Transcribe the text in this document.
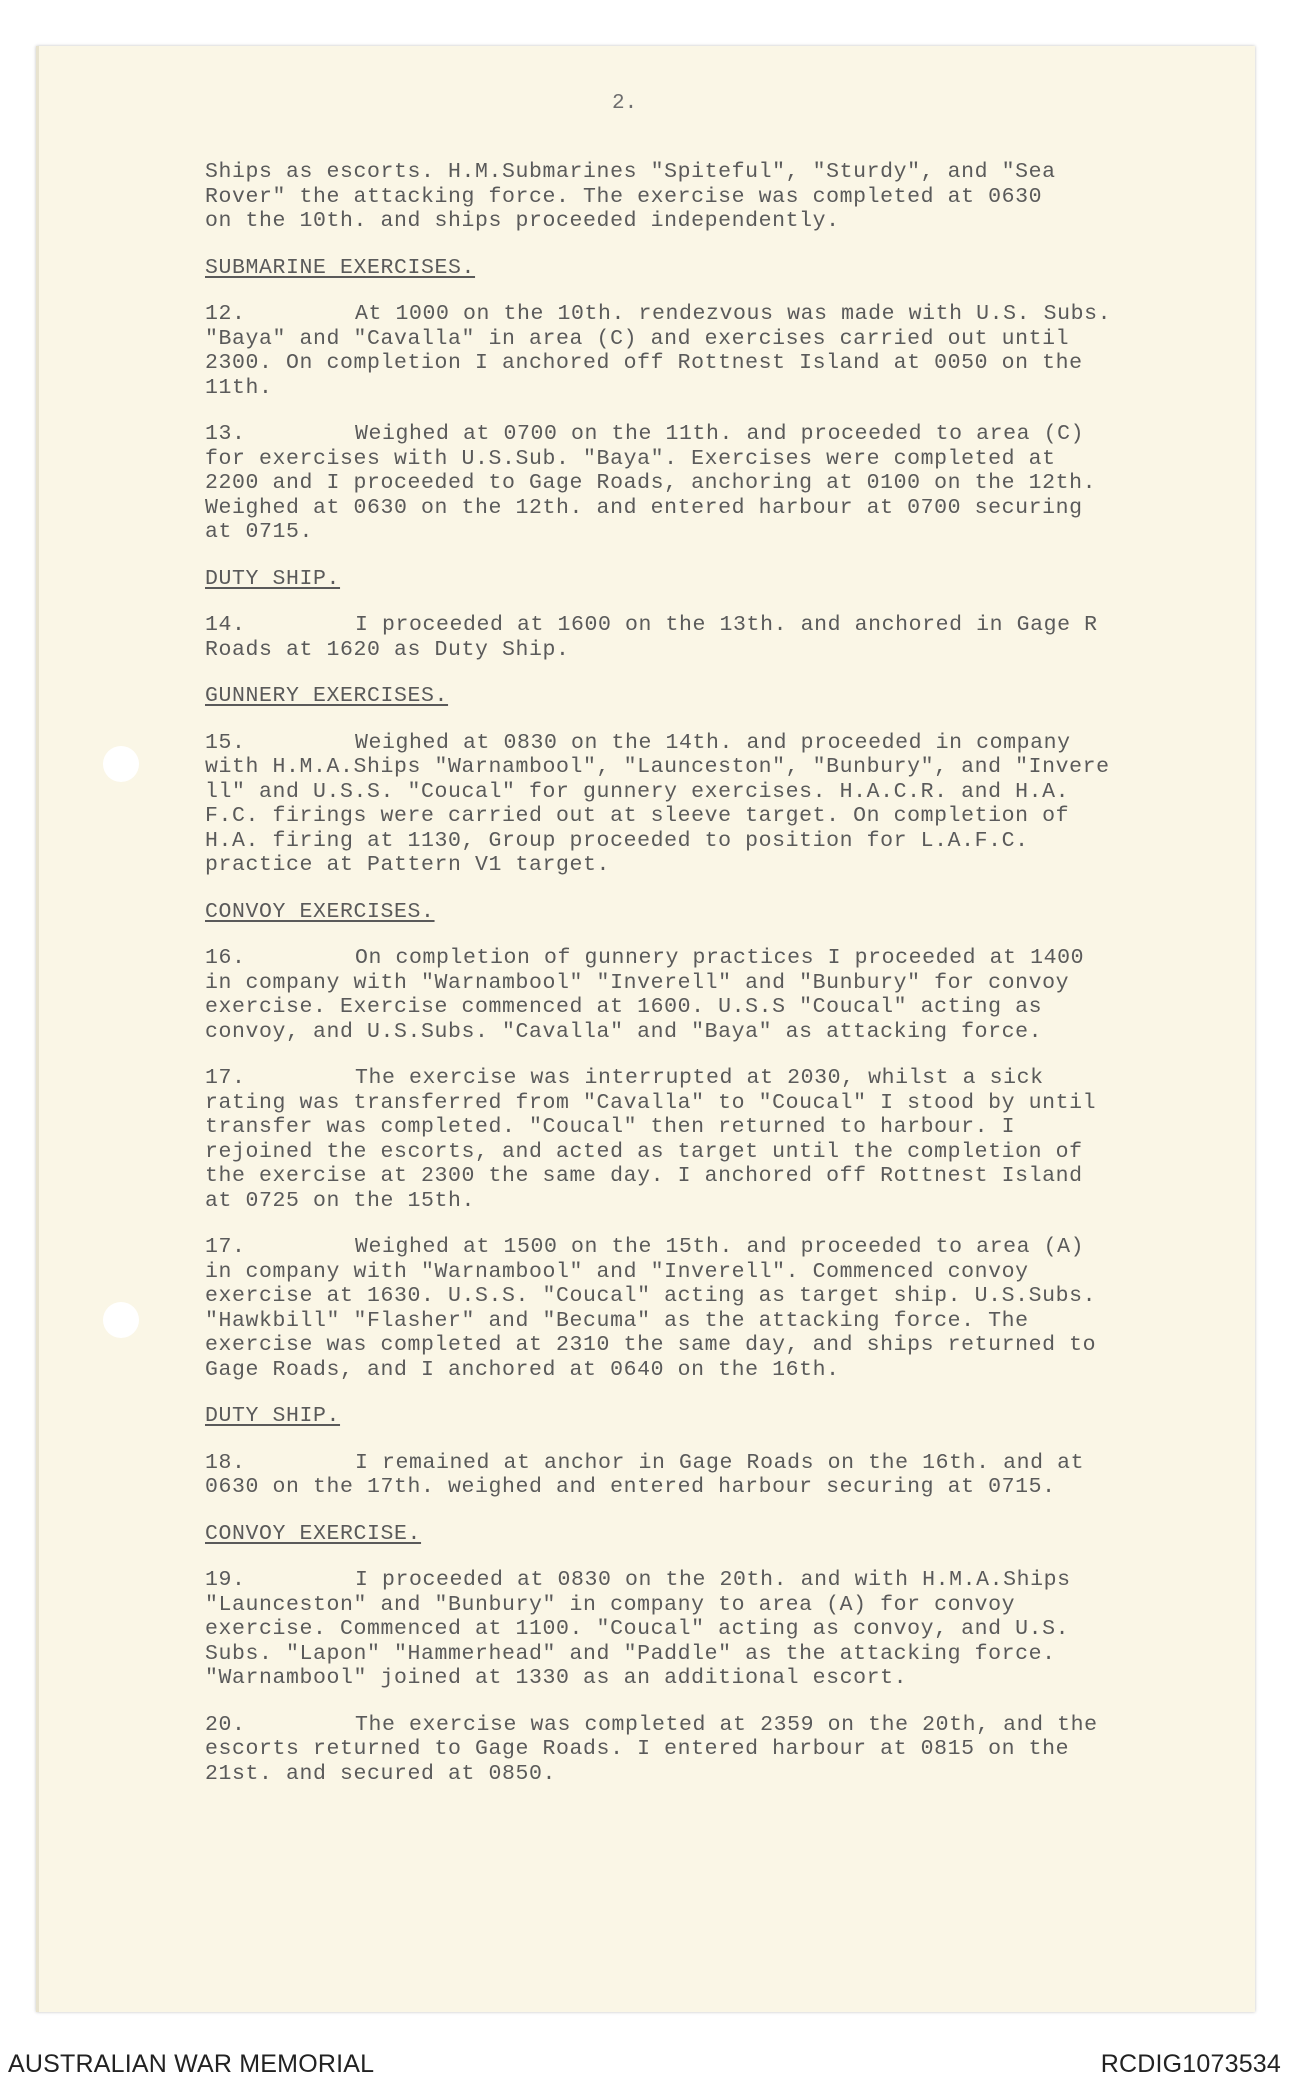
2.
Ships as escorts. H.M.Submarines "Spiteful", "Sturdy", and "Sea
Rover" the attacking force. The exercise was completed at 0630
on the 10th. and ships proceeded independently.
SUBMARINE EXERCISES.
12.	At 1000 on the 10th. rendezvous was made with U.S. Subs.
"Baya" and "Cavalla" in area (C) and exercises carried out until
2300. On completion I anchored off Rottnest Island at 0050 on the
11th.
13.	Weighed at 0700 on the 11th. and proceeded to area (C)
for exercises with U.S.Sub. "Baya". Exercises were completed at
2200 and I proceeded to Gage Roads, anchoring at 0100 on the 12th.
Weighed at 0630 on the 12th. and entered harbour at 0700 securing
at 0715.
DUTY SHIP.
14.	I proceeded at 1600 on the 13th. and anchored in Gage R
Roads at 1620 as Duty Ship.
GUNNERY EXERCISES.
15.	Weighed at 0830 on the 14th. and proceeded in company
with H.M.A.Ships "Warnambool", "Launceston", "Bunbury", and "Invere
ll" and U.S.S. "Coucal" for gunnery exercises. H.A.C.R. and H.A.
F.C. firings were carried out at sleeve target. On completion of
H.A. firing at 1130, Group proceeded to position for L.A.F.C.
practice at Pattern V1 target.
CONVOY EXERCISES.
16.	On completion of gunnery practices I proceeded at 1400
in company with "Warnambool" "Inverell" and "Bunbury" for convoy
exercise. Exercise commenced at 1600. U.S.S "Coucal" acting as
convoy, and U.S.Subs. "Cavalla" and "Baya" as attacking force.
17.	The exercise was interrupted at 2030, whilst a sick
rating was transferred from "Cavalla" to "Coucal" I stood by until
transfer was completed. "Coucal" then returned to harbour. I
rejoined the escorts, and acted as target until the completion of
the exercise at 2300 the same day. I anchored off Rottnest Island
at 0725 on the 15th.
17.	Weighed at 1500 on the 15th. and proceeded to area (A)
in company with "Warnambool" and "Inverell". Commenced convoy
exercise at 1630. U.S.S. "Coucal" acting as target ship. U.S.Subs.
"Hawkbill" "Flasher" and "Becuma" as the attacking force. The
exercise was completed at 2310 the same day, and ships returned to
Gage Roads, and I anchored at 0640 on the 16th.
DUTY SHIP.
18.	I remained at anchor in Gage Roads on the 16th. and at
0630 on the 17th. weighed and entered harbour securing at 0715.
CONVOY EXERCISE.
19.	I proceeded at 0830 on the 20th. and with H.M.A.Ships
"Launceston" and "Bunbury" in company to area (A) for convoy
exercise. Commenced at 1100. "Coucal" acting as convoy, and U.S.
Subs. "Lapon" "Hammerhead" and "Paddle" as the attacking force.
"Warnambool" joined at 1330 as an additional escort.
20.	The exercise was completed at 2359 on the 20th, and the
escorts returned to Gage Roads. I entered harbour at 0815 on the
21st. and secured at 0850.
AUSTRALIAN WAR MEMORIAL	RCDIG1073534
